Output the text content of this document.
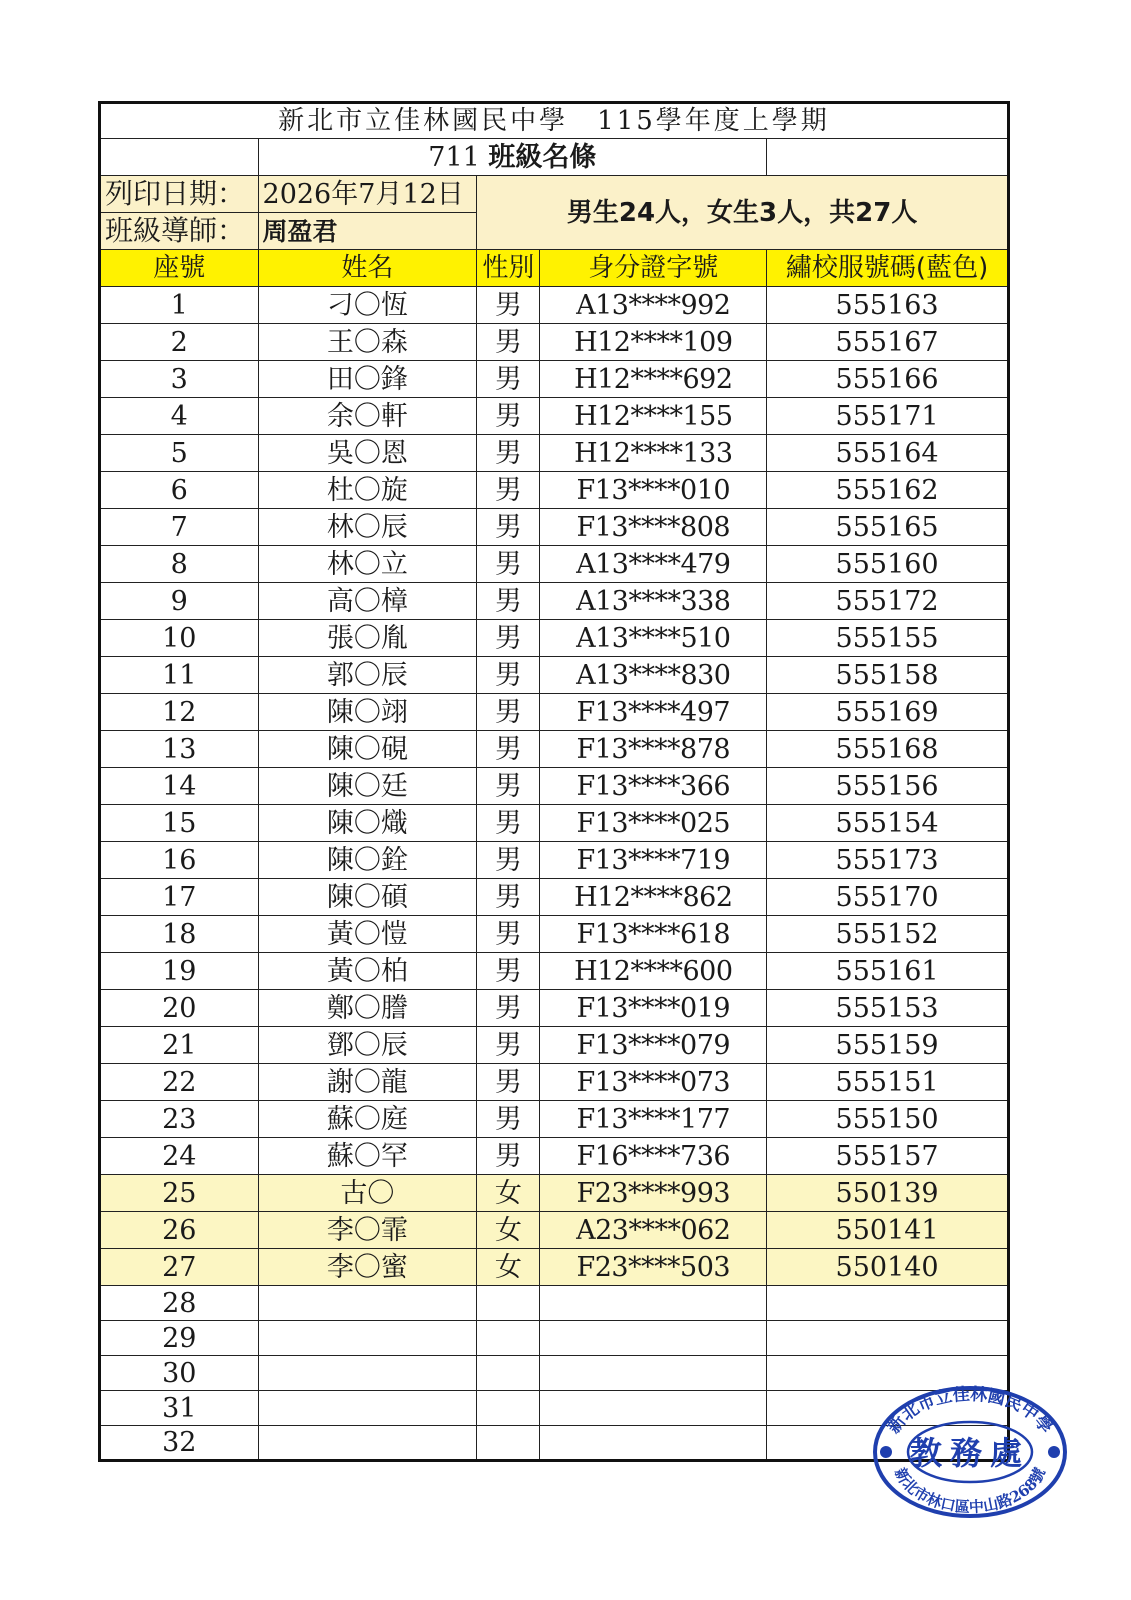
新北市立佳林國民中學　115學年度上學期				
	711 班級名條			
列印日期：	2026年7月12日	男生24人，女生3人，共27人		
班級導師：	周盈君			
座號	姓名	性別	身分證字號	繡校服號碼(藍色)
1	刁〇恆	男	A13****992	555163
2	王〇森	男	H12****109	555167
3	田〇鋒	男	H12****692	555166
4	余〇軒	男	H12****155	555171
5	吳〇恩	男	H12****133	555164
6	杜〇旋	男	F13****010	555162
7	林〇辰	男	F13****808	555165
8	林〇立	男	A13****479	555160
9	高〇樟	男	A13****338	555172
10	張〇胤	男	A13****510	555155
11	郭〇辰	男	A13****830	555158
12	陳〇翊	男	F13****497	555169
13	陳〇硯	男	F13****878	555168
14	陳〇廷	男	F13****366	555156
15	陳〇熾	男	F13****025	555154
16	陳〇銓	男	F13****719	555173
17	陳〇碩	男	H12****862	555170
18	黃〇愷	男	F13****618	555152
19	黃〇柏	男	H12****600	555161
20	鄭〇謄	男	F13****019	555153
21	鄧〇辰	男	F13****079	555159
22	謝〇龍	男	F13****073	555151
23	蘇〇庭	男	F13****177	555150
24	蘇〇罕	男	F16****736	555157
25	古〇	女	F23****993	550139
26	李〇霏	女	A23****062	550141
27	李〇蜜	女	F23****503	550140
28				
29				
30				
31				
32				
新北市立佳林國民中學
教務處
新北市林口區中山路268號
